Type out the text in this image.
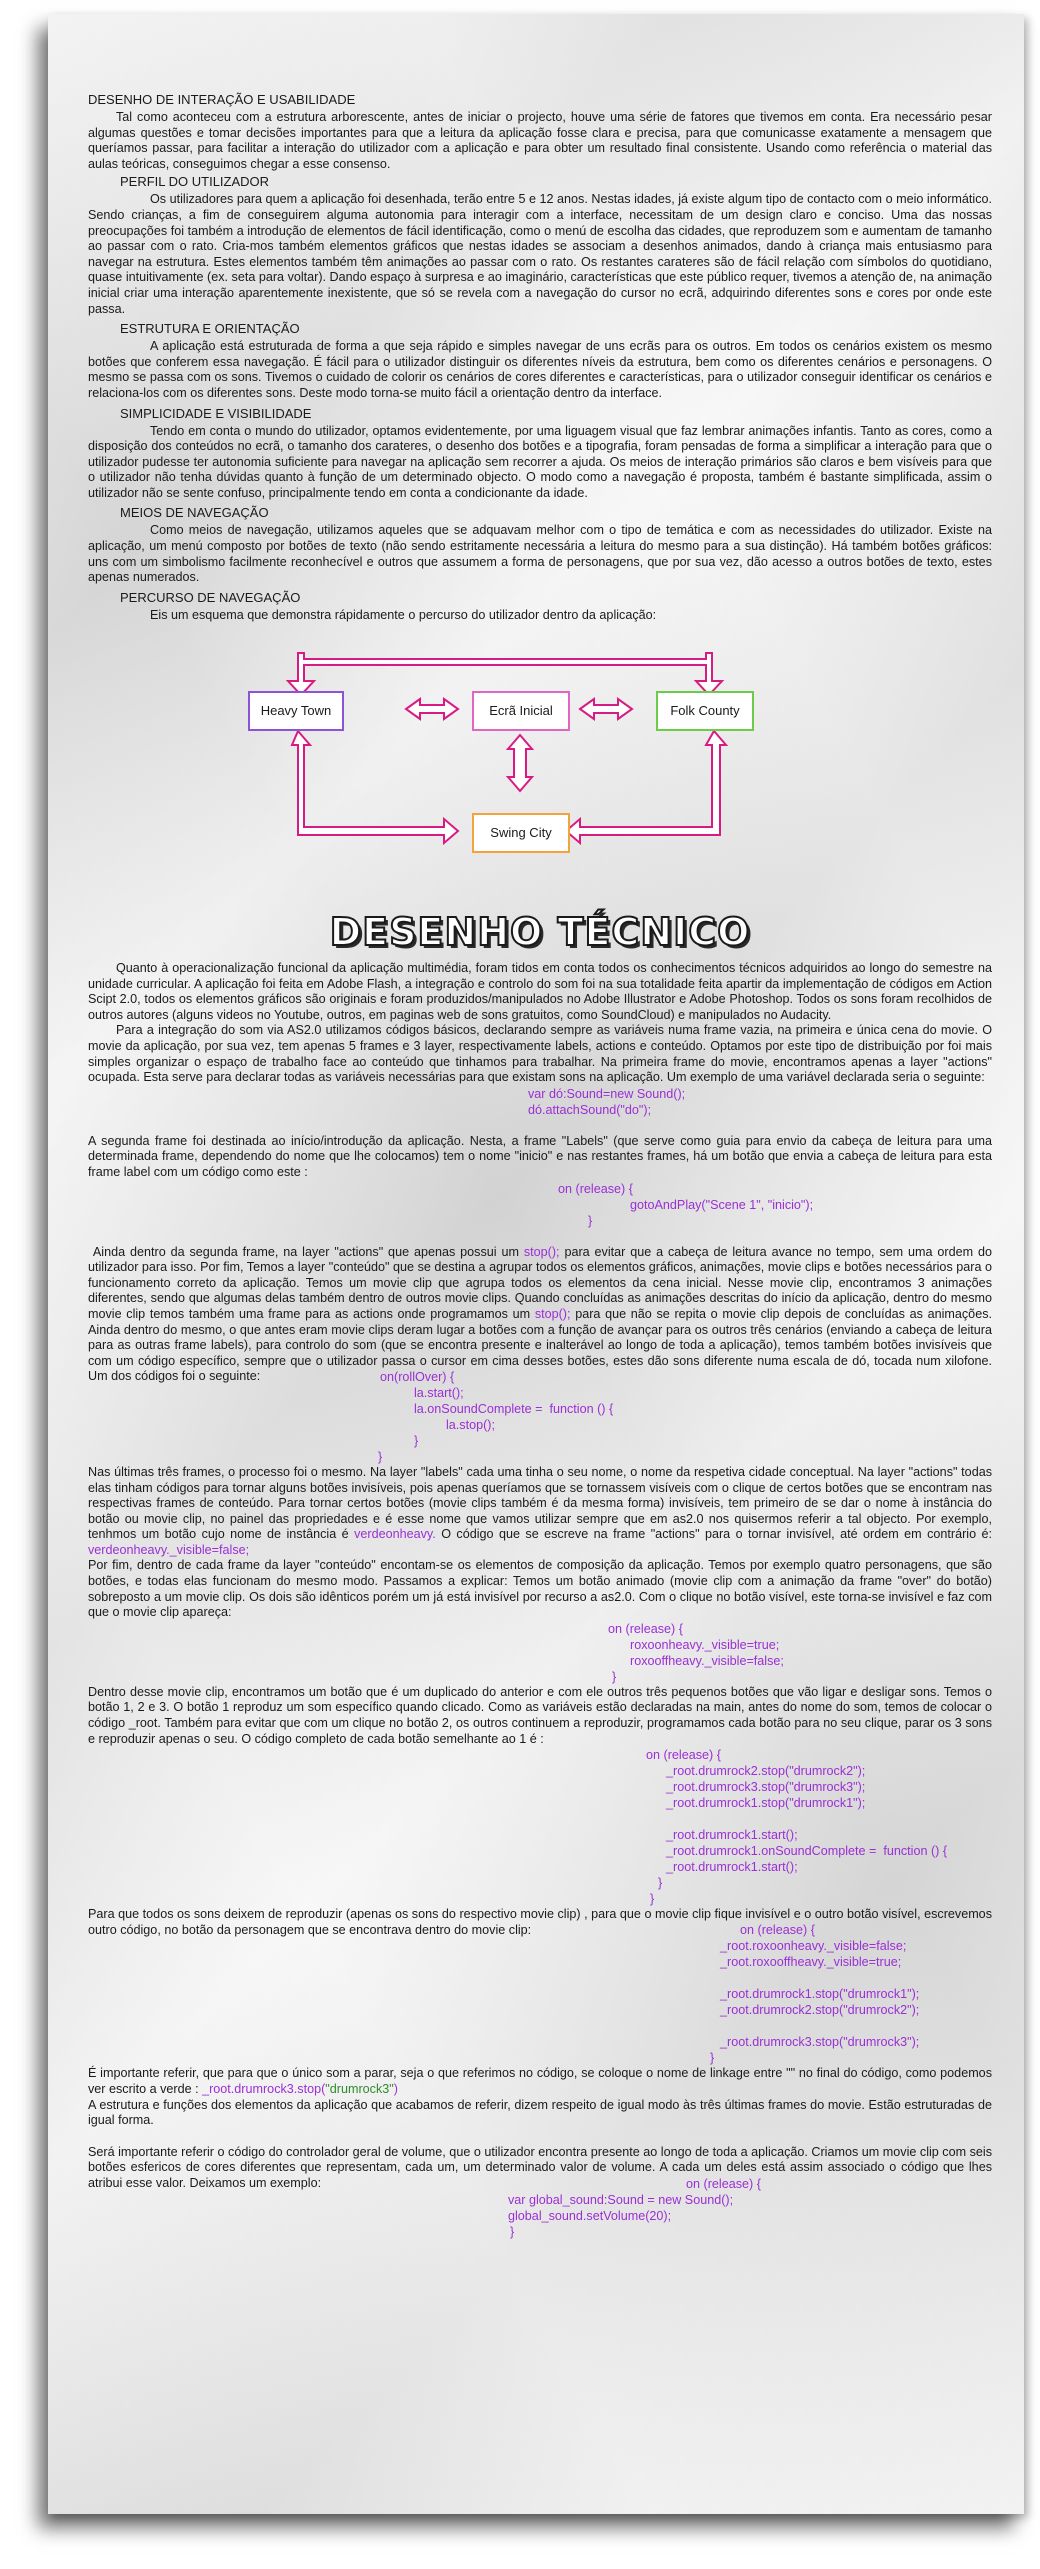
DESENHO DE INTERAÇÃO E USABILIDADE

Tal como aconteceu com a estrutura arborescente, antes de iniciar o projecto, houve uma série de fatores que tivemos em conta. Era necessário pesar algumas questões e tomar decisões importantes para que a leitura da aplicação fosse clara e precisa, para que comunicasse exatamente a mensagem que queríamos passar, para facilitar a interação do utilizador com a aplicação e para obter um resultado final consistente. Usando como referência o material das aulas teóricas, conseguimos chegar a esse consenso.

PERFIL DO UTILIZADOR

Os utilizadores para quem a aplicação foi desenhada, terão entre 5 e 12 anos. Nestas idades, já existe algum tipo de contacto com o meio informático. Sendo crianças, a fim de conseguirem alguma autonomia para interagir com a interface, necessitam de um design claro e conciso. Uma das nossas preocupações foi também a introdução de elementos de fácil identificação, como o menú de escolha das cidades, que reproduzem som e aumentam de tamanho ao passar com o rato. Cria-mos também elementos gráficos que nestas idades se associam a desenhos animados, dando à criança mais entusiasmo para navegar na estrutura. Estes elementos também têm animações ao passar com o rato. Os restantes carateres são de fácil relação com símbolos do quotidiano, quase intuitivamente (ex. seta para voltar). Dando espaço à surpresa e ao imaginário, características que este público requer, tivemos a atenção de, na animação inicial criar uma interação aparentemente inexistente, que só se revela com a navegação do cursor no ecrã, adquirindo diferentes sons e cores por onde este passa.

ESTRUTURA E ORIENTAÇÃO

A aplicação está estruturada de forma a que seja rápido e simples navegar de uns ecrãs para os outros. Em todos os cenários existem os mesmo botões que conferem essa navegação. É fácil para o utilizador distinguir os diferentes níveis da estrutura, bem como os diferentes cenários e personagens. O mesmo se passa com os sons. Tivemos o cuidado de colorir os cenários de cores diferentes e características, para o utilizador conseguir identificar os cenários e relaciona-los com os diferentes sons. Deste modo torna-se muito fácil a orientação dentro da interface.

SIMPLICIDADE E VISIBILIDADE

Tendo em conta o mundo do utilizador, optamos evidentemente, por uma liguagem visual que faz lembrar animações infantis. Tanto as cores, como a disposição dos conteúdos no ecrã, o tamanho dos carateres, o desenho dos botões e a tipografia, foram pensadas de forma a simplificar a interação para que o utilizador pudesse ter autonomia suficiente para navegar na aplicação sem recorrer a ajuda. Os meios de interação primários são claros e bem visíveis para que o utilizador não tenha dúvidas quanto à função de um determinado objecto. O modo como a navegação é proposta, também é bastante simplificada, assim o utilizador não se sente confuso, principalmente tendo em conta a condicionante da idade.

MEIOS DE NAVEGAÇÃO

Como meios de navegação, utilizamos aqueles que se adquavam melhor com o tipo de temática e com as necessidades do utilizador. Existe na aplicação, um menú composto por botões de texto (não sendo estritamente necessária a leitura do mesmo para a sua distinção). Há também botões gráficos: uns com um simbolismo facilmente reconhecível e outros que assumem a forma de personagens, que por sua vez, dão acesso a outros botões de texto, estes apenas numerados.

PERCURSO DE NAVEGAÇÃO

Eis um esquema que demonstra rápidamente o percurso do utilizador dentro da aplicação:

Heavy Town	Ecrã Inicial	Folk County
Swing City
DESENHO TÉCNICO

Quanto à operacionalização funcional da aplicação multimédia, foram tidos em conta todos os conhecimentos técnicos adquiridos ao longo do semestre na unidade curricular. A aplicação foi feita em Adobe Flash, a integração e controlo do som foi na sua totalidade feita apartir da implementação de códigos em Action Scipt 2.0, todos os elementos gráficos são originais e foram produzidos/manipulados no Adobe Illustrator e Adobe Photoshop. Todos os sons foram recolhidos de outros autores (alguns videos no Youtube, outros, em paginas web de sons gratuitos, como SoundCloud) e manipulados no Audacity.

Para a integração do som via AS2.0 utilizamos códigos básicos, declarando sempre as variáveis numa frame vazia, na primeira e única cena do movie. O movie da aplicação, por sua vez, tem apenas 5 frames e 3 layer, respectivamente labels, actions e conteúdo. Optamos por este tipo de distribuição por foi mais simples organizar o espaço de trabalho face ao conteúdo que tinhamos para trabalhar. Na primeira frame do movie, encontramos apenas a layer "actions" ocupada. Esta serve para declarar todas as variáveis necessárias para que existam sons na aplicação. Um exemplo de uma variável declarada seria o seguinte:

var dó:Sound=new Sound();
dó.attachSound("do");

A segunda frame foi destinada ao início/introdução da aplicação. Nesta, a frame "Labels" (que serve como guia para envio da cabeça de leitura para uma determinada frame, dependendo do nome que lhe colocamos) tem o nome "inicio" e nas restantes frames, há um botão que envia a cabeça de leitura para esta frame label com um código como este :

on (release) {
gotoAndPlay("Scene 1", "inicio");
}

Ainda dentro da segunda frame, na layer "actions" que apenas possui um stop(); para evitar que a cabeça de leitura avance no tempo, sem uma ordem do utilizador para isso. Por fim, Temos a layer "conteúdo" que se destina a agrupar todos os elementos gráficos, animações, movie clips e botões necessários para o funcionamento correto da aplicação. Temos um movie clip que agrupa todos os elementos da cena inicial. Nesse movie clip, encontramos 3 animações diferentes, sendo que algumas delas também dentro de outros movie clips. Quando concluídas as animações descritas do início da aplicação, dentro do mesmo movie clip temos também uma frame para as actions onde programamos um stop(); para que não se repita o movie clip depois de concluídas as animações. Ainda dentro do mesmo, o que antes eram movie clips deram lugar a botões com a função de avançar para os outros três cenários (enviando a cabeça de leitura para as outras frame labels), para controlo do som (que se encontra presente e inalterável ao longo de toda a aplicação), temos também botões invisíveis que com um código específico, sempre que o utilizador passa o cursor em cima desses botões, estes dão sons diferente numa escala de dó, tocada num xilofone. Um dos códigos foi o seguinte:	on(rollOver) {
la.start();
la.onSoundComplete =  function () {
la.stop();
}
}

Nas últimas três frames, o processo foi o mesmo. Na layer "labels" cada uma tinha o seu nome, o nome da respetiva cidade conceptual. Na layer "actions" todas elas tinham códigos para tornar alguns botões invisíveis, pois apenas queríamos que se tornassem visíveis com o clique de certos botões que se encontram nas respectivas frames de conteúdo. Para tornar certos botões (movie clips também é da mesma forma) invisíveis, tem primeiro de se dar o nome à instância do botão ou movie clip, no painel das propriedades e é esse nome que vamos utilizar sempre que em as2.0 nos quisermos referir a tal objecto. Por exemplo, tenhmos um botão cujo nome de instância é verdeonheavy. O código que se escreve na frame "actions" para o tornar invisível, até ordem em contrário é: verdeonheavy._visible=false;

Por fim, dentro de cada frame da layer "conteúdo" encontam-se os elementos de composição da aplicação. Temos por exemplo quatro personagens, que são botões, e todas elas funcionam do mesmo modo. Passamos a explicar: Temos um botão animado (movie clip com a animação da frame "over" do botão) sobreposto a um movie clip. Os dois são idênticos porém um já está invisível por recurso a as2.0. Com o clique no botão visível, este torna-se invisível e faz com que o movie clip apareça:

on (release) {
roxoonheavy._visible=true;
roxooffheavy._visible=false;
}

Dentro desse movie clip, encontramos um botão que é um duplicado do anterior e com ele outros três pequenos botões que vão ligar e desligar sons. Temos o botão 1, 2 e 3. O botão 1 reproduz um som específico quando clicado. Como as variáveis estão declaradas na main, antes do nome do som, temos de colocar o código _root. Também para evitar que com um clique no botão 2, os outros continuem a reproduzir, programamos cada botão para no seu clique, parar os 3 sons e reproduzir apenas o seu. O código completo de cada botão semelhante ao 1 é :

on (release) {
_root.drumrock2.stop("drumrock2");
_root.drumrock3.stop("drumrock3");
_root.drumrock1.stop("drumrock1");

_root.drumrock1.start();
_root.drumrock1.onSoundComplete =  function () {
_root.drumrock1.start();
}
}

Para que todos os sons deixem de reproduzir (apenas os sons do respectivo movie clip) , para que o movie clip fique invisível e o outro botão visível, escrevemos outro código, no botão da personagem que se encontrava dentro do movie clip:	on (release) {
_root.roxoonheavy._visible=false;
_root.roxooffheavy._visible=true;

_root.drumrock1.stop("drumrock1");
_root.drumrock2.stop("drumrock2");

_root.drumrock3.stop("drumrock3");
}

É importante referir, que para que o único som a parar, seja o que referimos no código, se coloque o nome de linkage entre "" no final do código, como podemos ver escrito a verde : _root.drumrock3.stop("drumrock3")

A estrutura e funções dos elementos da aplicação que acabamos de referir, dizem respeito de igual modo às três últimas frames do movie. Estão estruturadas de igual forma.

Será importante referir o código do controlador geral de volume, que o utilizador encontra presente ao longo de toda a aplicação. Criamos um movie clip com seis botões esfericos de cores diferentes que representam, cada um, um determinado valor de volume. A cada um deles está assim associado o código que lhes atribui esse valor. Deixamos um exemplo:	on (release) {
var global_sound:Sound = new Sound();
global_sound.setVolume(20);
}
